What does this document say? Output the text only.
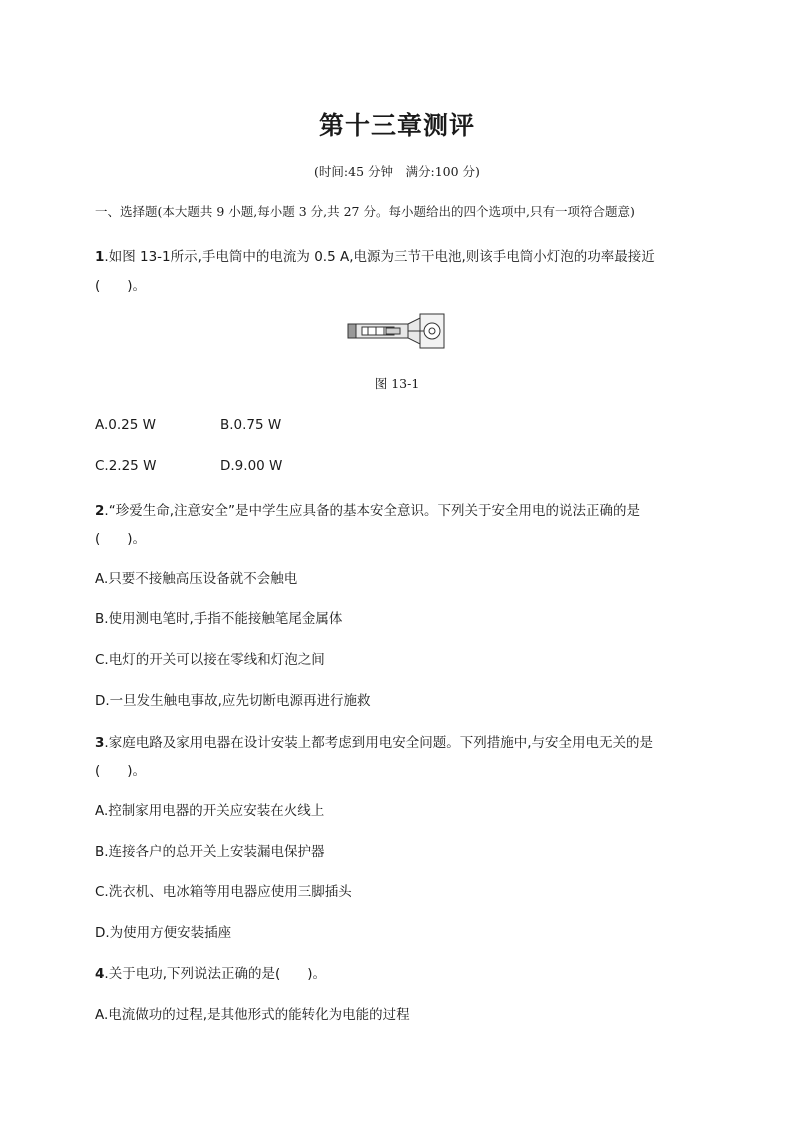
第十三章测评
(时间:45 分钟　满分:100 分)
一、选择题(本大题共 9 小题,每小题 3 分,共 27 分。每小题给出的四个选项中,只有一项符合题意)
1.如图 13-1所示,手电筒中的电流为 0.5 A,电源为三节干电池,则该手电筒小灯泡的功率最接近
(　　)。
图 13-1
A.0.25 W	B.0.75 W
C.2.25 W	D.9.00 W
2.“珍爱生命,注意安全”是中学生应具备的基本安全意识。下列关于安全用电的说法正确的是
(　　)。
A.只要不接触高压设备就不会触电
B.使用测电笔时,手指不能接触笔尾金属体
C.电灯的开关可以接在零线和灯泡之间
D.一旦发生触电事故,应先切断电源再进行施救
3.家庭电路及家用电器在设计安装上都考虑到用电安全问题。下列措施中,与安全用电无关的是
(　　)。
A.控制家用电器的开关应安装在火线上
B.连接各户的总开关上安装漏电保护器
C.洗衣机、电冰箱等用电器应使用三脚插头
D.为使用方便安装插座
4.关于电功,下列说法正确的是(　　)。
A.电流做功的过程,是其他形式的能转化为电能的过程
